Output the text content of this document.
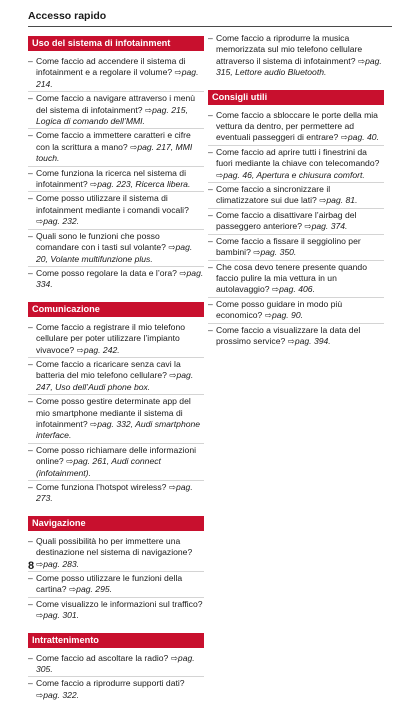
Accesso rapido
Uso del sistema di infotainment
– Come faccio ad accendere il sistema di infotainment e a regolare il volume? ⇨ pag. 214.
– Come faccio a navigare attraverso i menù del sistema di infotainment? ⇨ pag. 215, Logica di comando dell’MMI.
– Come faccio a immettere caratteri e cifre con la scrittura a mano? ⇨ pag. 217, MMI touch.
– Come funziona la ricerca nel sistema di infotainment? ⇨ pag. 223, Ricerca libera.
– Come posso utilizzare il sistema di infotainment mediante i comandi vocali? ⇨ pag. 232.
– Quali sono le funzioni che posso comandare con i tasti sul volante? ⇨ pag. 20, Volante multifunzione plus.
– Come posso regolare la data e l’ora? ⇨ pag. 334.
Comunicazione
– Come faccio a registrare il mio telefono cellulare per poter utilizzare l’impianto vivavoce? ⇨ pag. 242.
– Come faccio a ricaricare senza cavi la batteria del mio telefono cellulare? ⇨ pag. 247, Uso dell’Audi phone box.
– Come posso gestire determinate app del mio smartphone mediante il sistema di infotainment? ⇨ pag. 332, Audi smartphone interface.
– Come posso richiamare delle informazioni online? ⇨ pag. 261, Audi connect (infotainment).
– Come funziona l’hotspot wireless? ⇨ pag. 273.
Navigazione
– Quali possibilità ho per immettere una destinazione nel sistema di navigazione? ⇨ pag. 283.
– Come posso utilizzare le funzioni della cartina? ⇨ pag. 295.
– Come visualizzo le informazioni sul traffico? ⇨ pag. 301.
Intrattenimento
– Come faccio ad ascoltare la radio? ⇨ pag. 305.
– Come faccio a riprodurre supporti dati? ⇨ pag. 322.
– Come faccio a riprodurre la musica memorizzata sul mio telefono cellulare attraverso il sistema di infotainment? ⇨ pag. 315, Lettore audio Bluetooth.
Consigli utili
– Come faccio a sbloccare le porte della mia vettura da dentro, per permettere ad eventuali passeggeri di entrare? ⇨ pag. 40.
– Come faccio ad aprire tutti i finestrini da fuori mediante la chiave con telecomando? ⇨ pag. 46, Apertura e chiusura comfort.
– Come faccio a sincronizzare il climatizzatore sui due lati? ⇨ pag. 81.
– Come faccio a disattivare l’airbag del passeggero anteriore? ⇨ pag. 374.
– Come faccio a fissare il seggiolino per bambini? ⇨ pag. 350.
– Che cosa devo tenere presente quando faccio pulire la mia vettura in un autolavaggio? ⇨ pag. 406.
– Come posso guidare in modo più economico? ⇨ pag. 90.
– Come faccio a visualizzare la data del prossimo service? ⇨ pag. 394.
8
